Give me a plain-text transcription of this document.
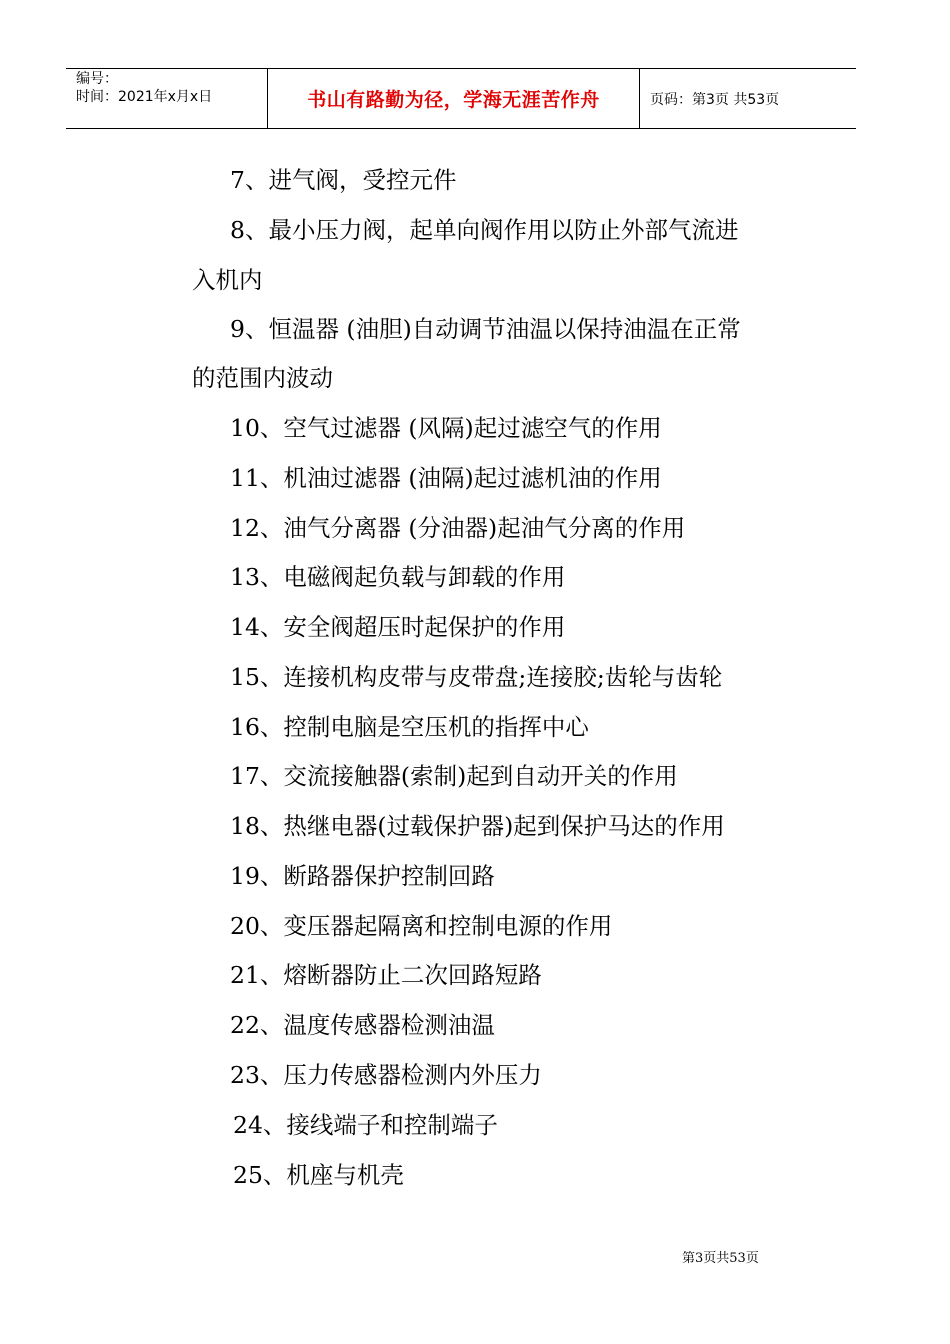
编号：
时间：2021年x月x日	书山有路勤为径，学海无涯苦作舟	页码：第3页 共53页
7、进气阀，受控元件
8、最小压力阀，起单向阀作用以防止外部气流进
入机内
9、恒温器 (油胆)自动调节油温以保持油温在正常
的范围内波动
10、空气过滤器 (风隔)起过滤空气的作用
11、机油过滤器 (油隔)起过滤机油的作用
12、油气分离器 (分油器)起油气分离的作用
13、电磁阀起负载与卸载的作用
14、安全阀超压时起保护的作用
15、连接机构皮带与皮带盘;连接胶;齿轮与齿轮
16、控制电脑是空压机的指挥中心
17、交流接触器(索制)起到自动开关的作用
18、热继电器(过载保护器)起到保护马达的作用
19、断路器保护控制回路
20、变压器起隔离和控制电源的作用
21、熔断器防止二次回路短路
22、温度传感器检测油温
23、压力传感器检测内外压力
24、接线端子和控制端子
25、机座与机壳
第3页共53页
